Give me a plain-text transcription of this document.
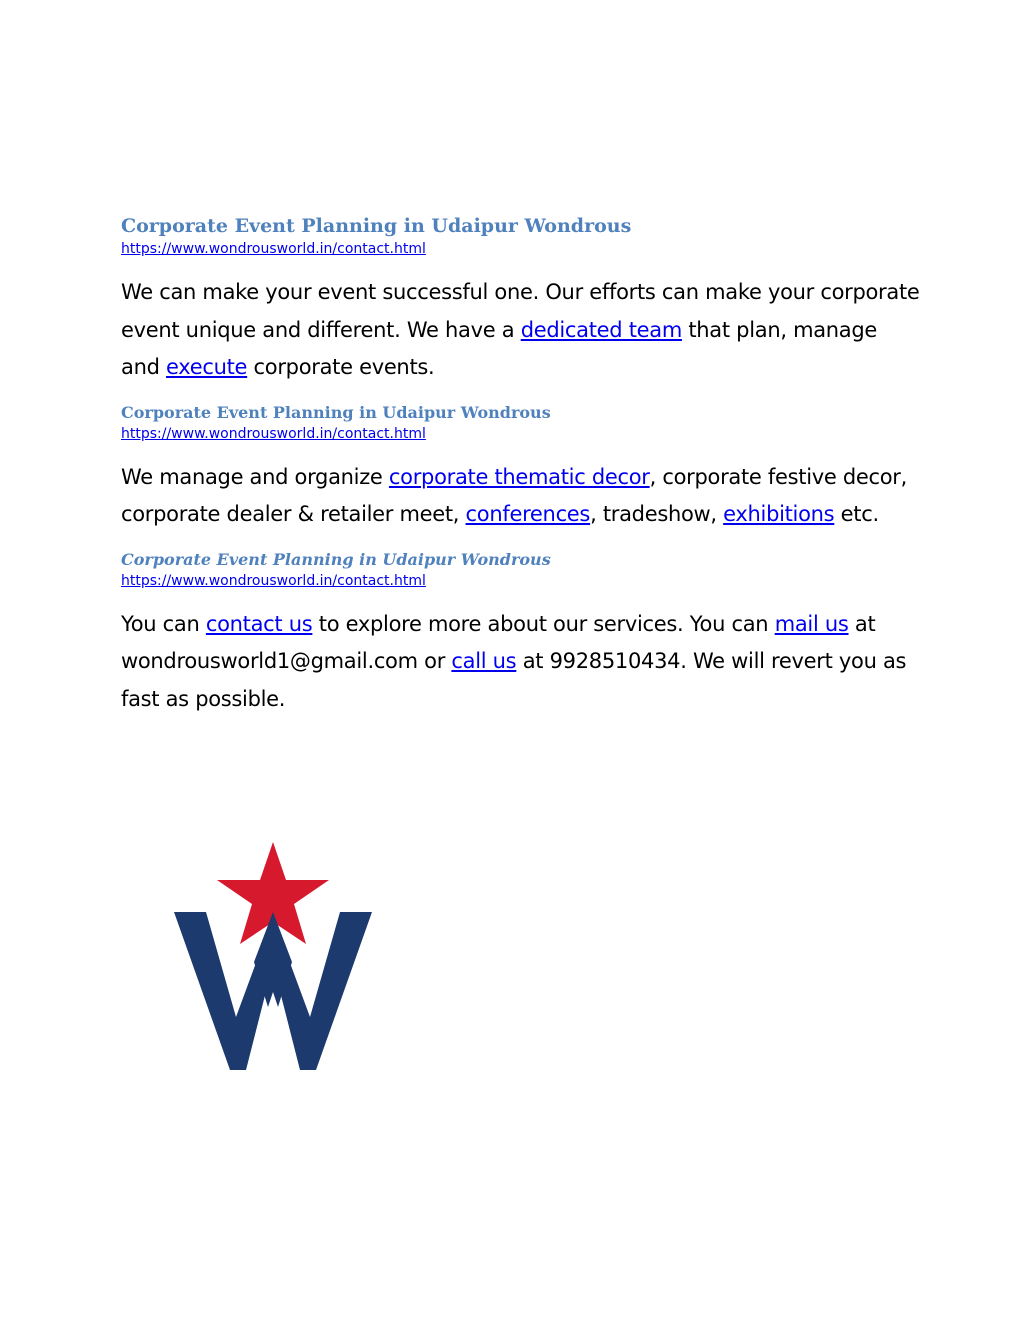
Corporate Event Planning in Udaipur Wondrous

https://www.wondrousworld.in/contact.html

We can make your event successful one. Our efforts can make your corporate event unique and different. We have a dedicated team that plan, manage and execute corporate events.

Corporate Event Planning in Udaipur Wondrous

https://www.wondrousworld.in/contact.html

We manage and organize corporate thematic decor, corporate festive decor, corporate dealer & retailer meet, conferences, tradeshow, exhibitions etc.

Corporate Event Planning in Udaipur Wondrous

https://www.wondrousworld.in/contact.html

You can contact us to explore more about our services. You can mail us at wondrousworld1@gmail.com or call us at 9928510434. We will revert you as fast as possible.
